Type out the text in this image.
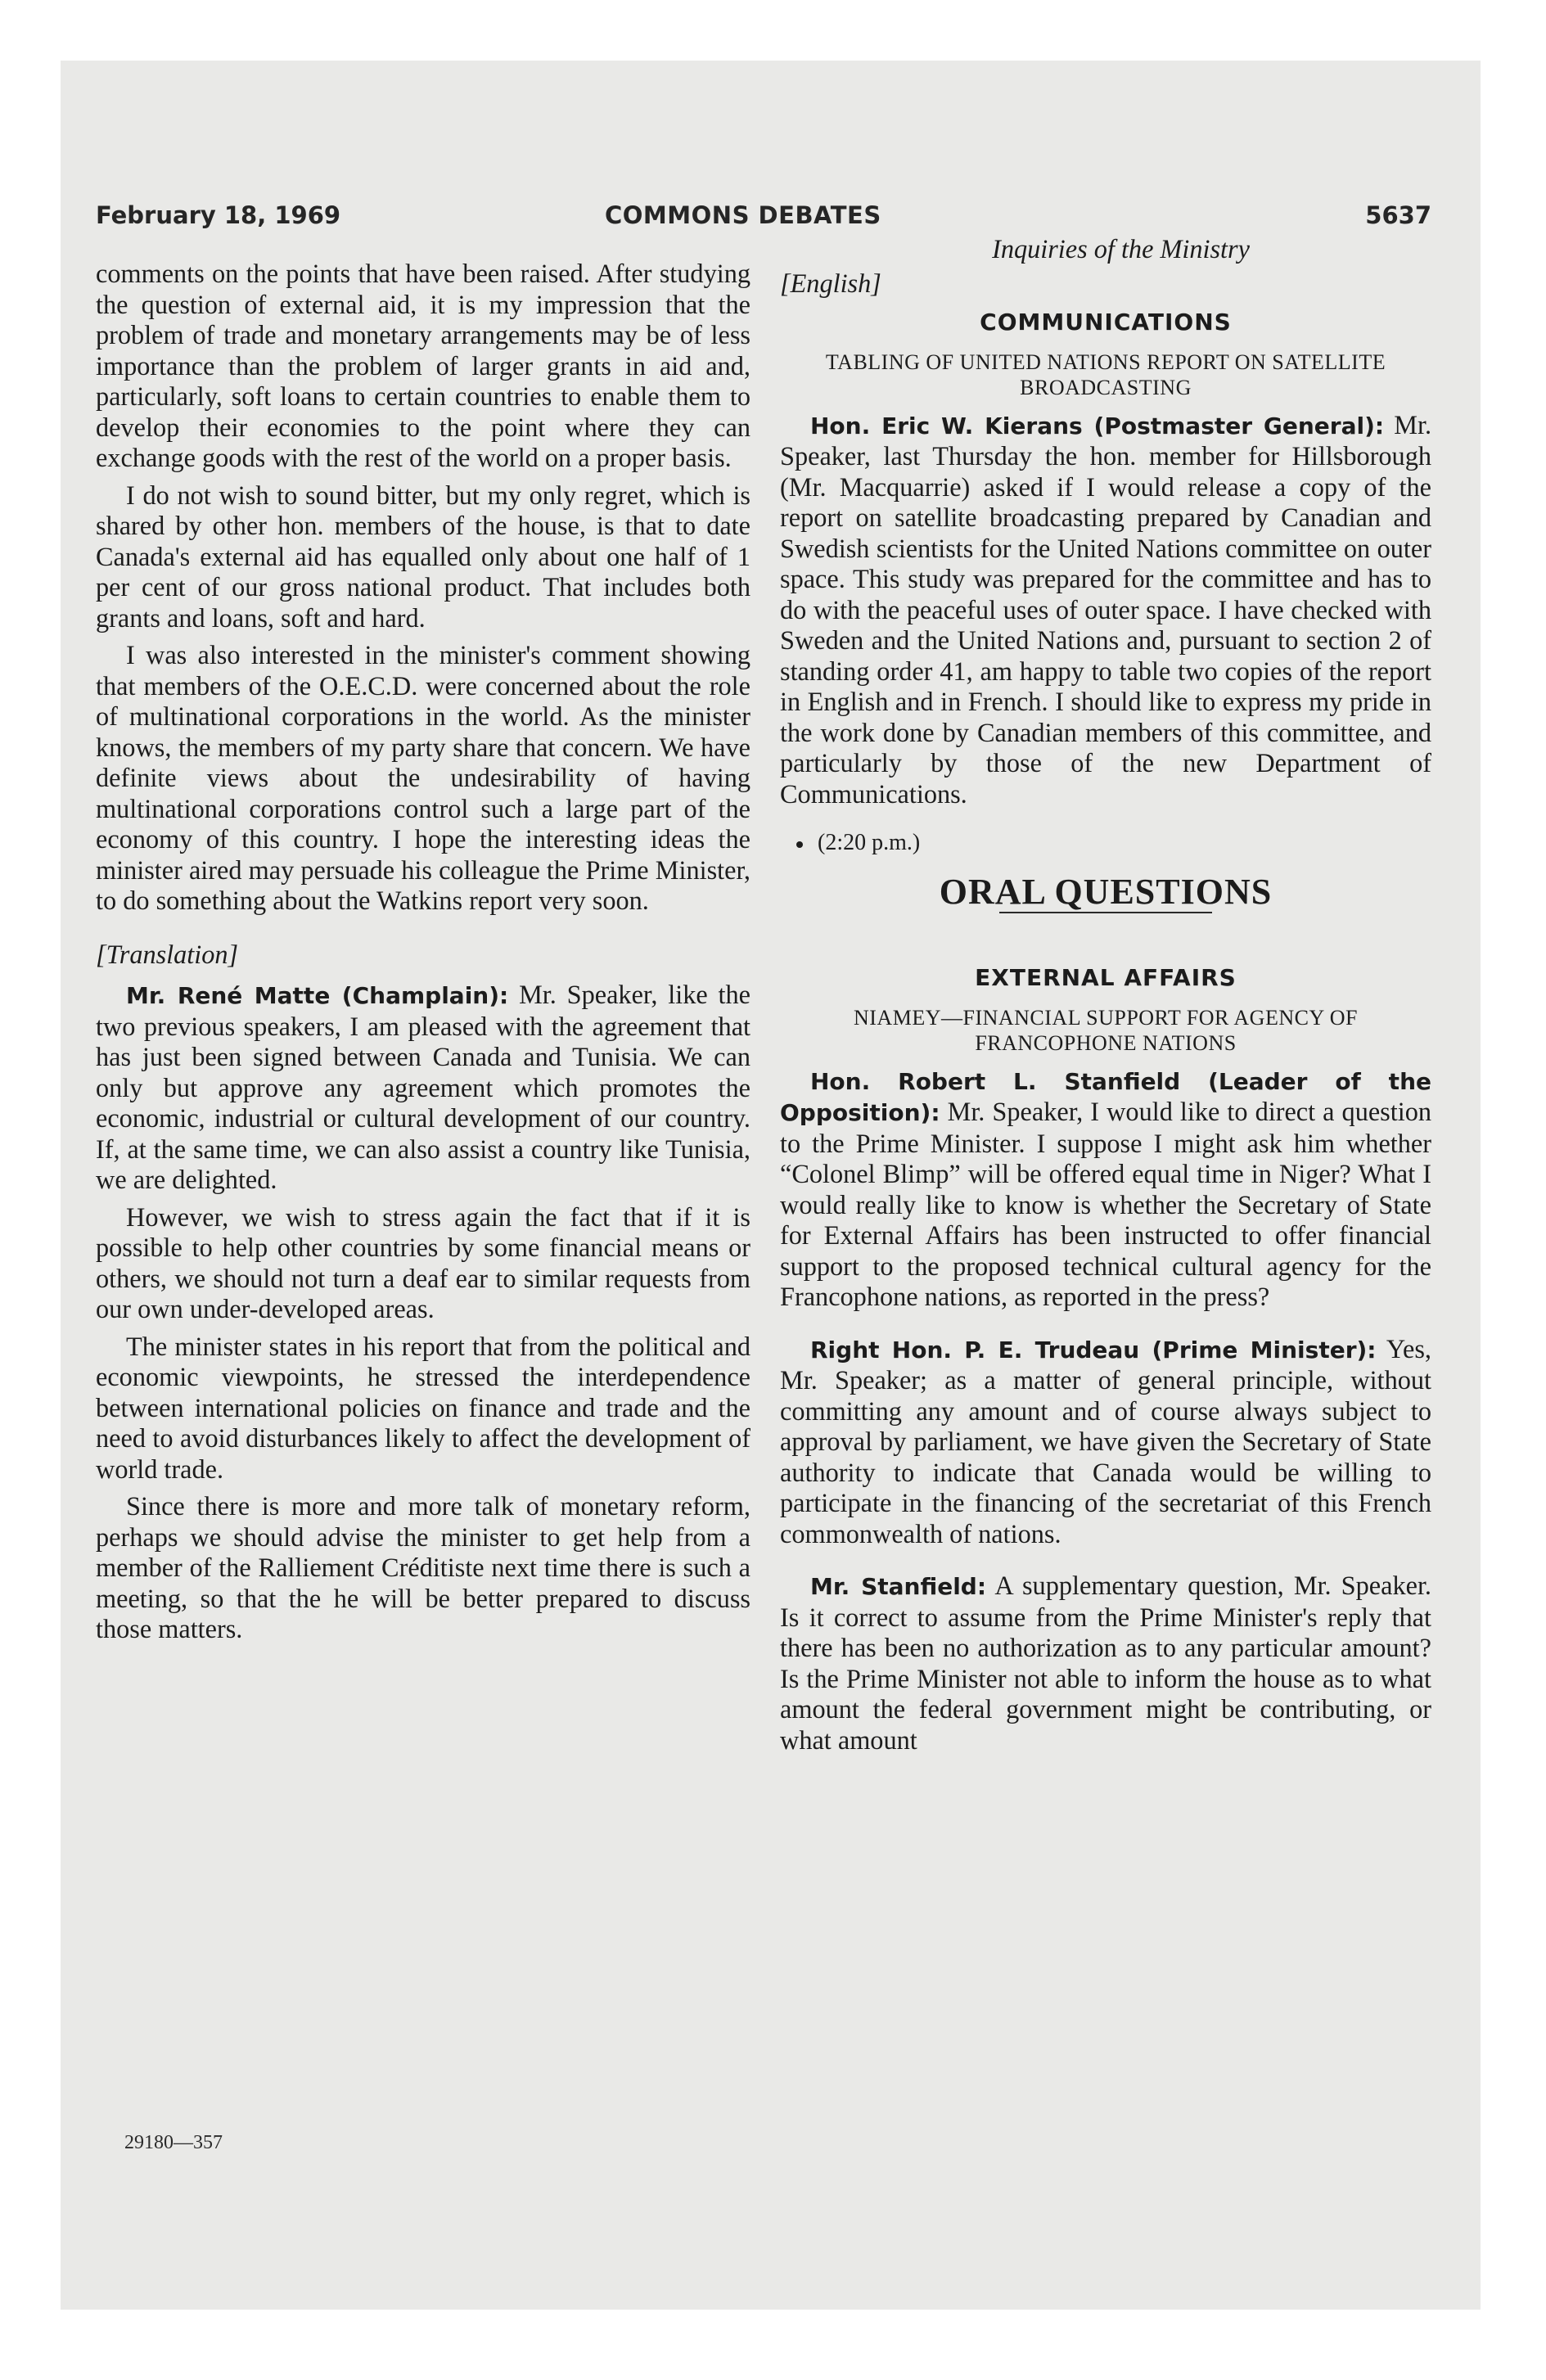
February 18, 1969	COMMONS DEBATES	5637

comments on the points that have been raised. After studying the question of external aid, it is my impression that the problem of trade and monetary arrangements may be of less importance than the problem of larger grants in aid and, particularly, soft loans to certain countries to enable them to develop their economies to the point where they can exchange goods with the rest of the world on a proper basis.

I do not wish to sound bitter, but my only regret, which is shared by other hon. members of the house, is that to date Canada's external aid has equalled only about one half of 1 per cent of our gross national product. That includes both grants and loans, soft and hard.

I was also interested in the minister's comment showing that members of the O.E.C.D. were concerned about the role of multinational corporations in the world. As the minister knows, the members of my party share that concern. We have definite views about the undesirability of having multinational corporations control such a large part of the economy of this country. I hope the interesting ideas the minister aired may persuade his colleague the Prime Minister, to do something about the Watkins report very soon.

[Translation]

Mr. René Matte (Champlain): Mr. Speaker, like the two previous speakers, I am pleased with the agreement that has just been signed between Canada and Tunisia. We can only but approve any agreement which promotes the economic, industrial or cultural development of our country. If, at the same time, we can also assist a country like Tunisia, we are delighted.

However, we wish to stress again the fact that if it is possible to help other countries by some financial means or others, we should not turn a deaf ear to similar requests from our own under-developed areas.

The minister states in his report that from the political and economic viewpoints, he stressed the interdependence between international policies on finance and trade and the need to avoid disturbances likely to affect the development of world trade.

Since there is more and more talk of monetary reform, perhaps we should advise the minister to get help from a member of the Ralliement Créditiste next time there is such a meeting, so that the he will be better prepared to discuss those matters.

29180—357

Inquiries of the Ministry

[English]

COMMUNICATIONS
TABLING OF UNITED NATIONS REPORT ON SATELLITE BROADCASTING

Hon. Eric W. Kierans (Postmaster General): Mr. Speaker, last Thursday the hon. member for Hillsborough (Mr. Macquarrie) asked if I would release a copy of the report on satellite broadcasting prepared by Canadian and Swedish scientists for the United Nations committee on outer space. This study was prepared for the committee and has to do with the peaceful uses of outer space. I have checked with Sweden and the United Nations and, pursuant to section 2 of standing order 41, am happy to table two copies of the report in English and in French. I should like to express my pride in the work done by Canadian members of this committee, and particularly by those of the new Department of Communications.

(2:20 p.m.)

ORAL QUESTIONS
EXTERNAL AFFAIRS
NIAMEY—FINANCIAL SUPPORT FOR AGENCY OF FRANCOPHONE NATIONS

Hon. Robert L. Stanfield (Leader of the Opposition): Mr. Speaker, I would like to direct a question to the Prime Minister. I suppose I might ask him whether “Colonel Blimp” will be offered equal time in Niger? What I would really like to know is whether the Secretary of State for External Affairs has been instructed to offer financial support to the proposed technical cultural agency for the Francophone nations, as reported in the press?

Right Hon. P. E. Trudeau (Prime Minister): Yes, Mr. Speaker; as a matter of general principle, without committing any amount and of course always subject to approval by parliament, we have given the Secretary of State authority to indicate that Canada would be willing to participate in the financing of the secretariat of this French commonwealth of nations.

Mr. Stanfield: A supplementary question, Mr. Speaker. Is it correct to assume from the Prime Minister's reply that there has been no authorization as to any particular amount? Is the Prime Minister not able to inform the house as to what amount the federal government might be contributing, or what amount
